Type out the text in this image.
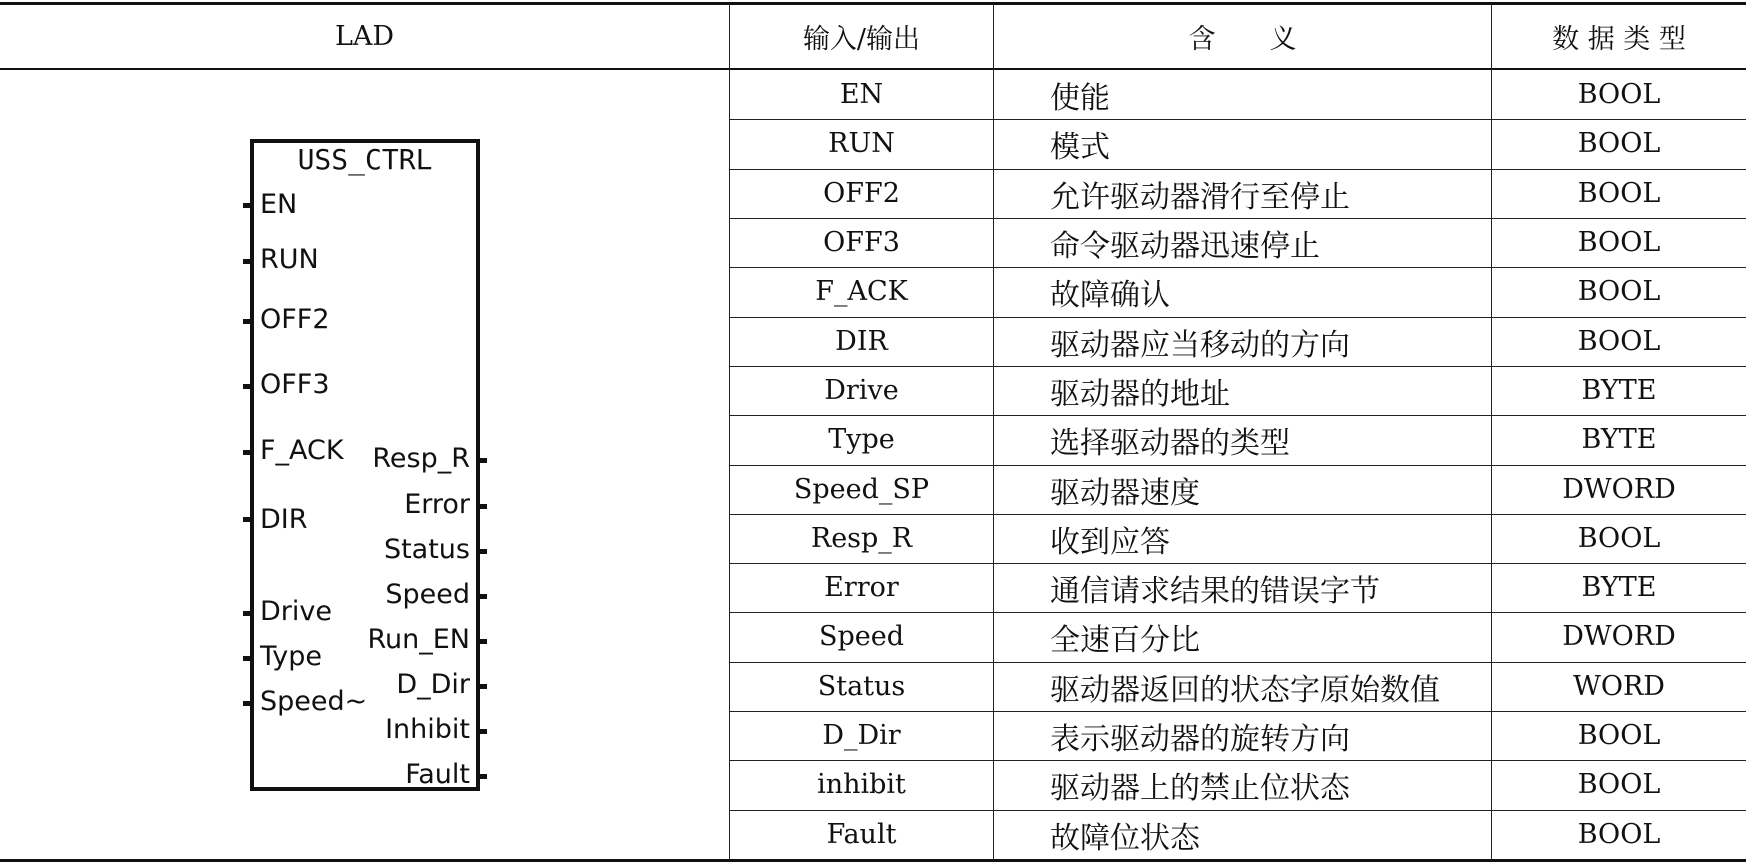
LAD	输入/输出	含　　义	数 据 类 型
EN	使能	BOOL
RUN	模式	BOOL
OFF2	允许驱动器滑行至停止	BOOL
OFF3	命令驱动器迅速停止	BOOL
F_ACK	故障确认	BOOL
DIR	驱动器应当移动的方向	BOOL
Drive	驱动器的地址	BYTE
Type	选择驱动器的类型	BYTE
Speed_SP	驱动器速度	DWORD
Resp_R	收到应答	BOOL
Error	通信请求结果的错误字节	BYTE
Speed	全速百分比	DWORD
Status	驱动器返回的状态字原始数值	WORD
D_Dir	表示驱动器的旋转方向	BOOL
inhibit	驱动器上的禁止位状态	BOOL
Fault	故障位状态	BOOL
USS_CTRL
EN
RUN
OFF2
OFF3
F_ACK
DIR
Drive
Type
Speed~
Resp_R
Error
Status
Speed
Run_EN
D_Dir
Inhibit
Fault
